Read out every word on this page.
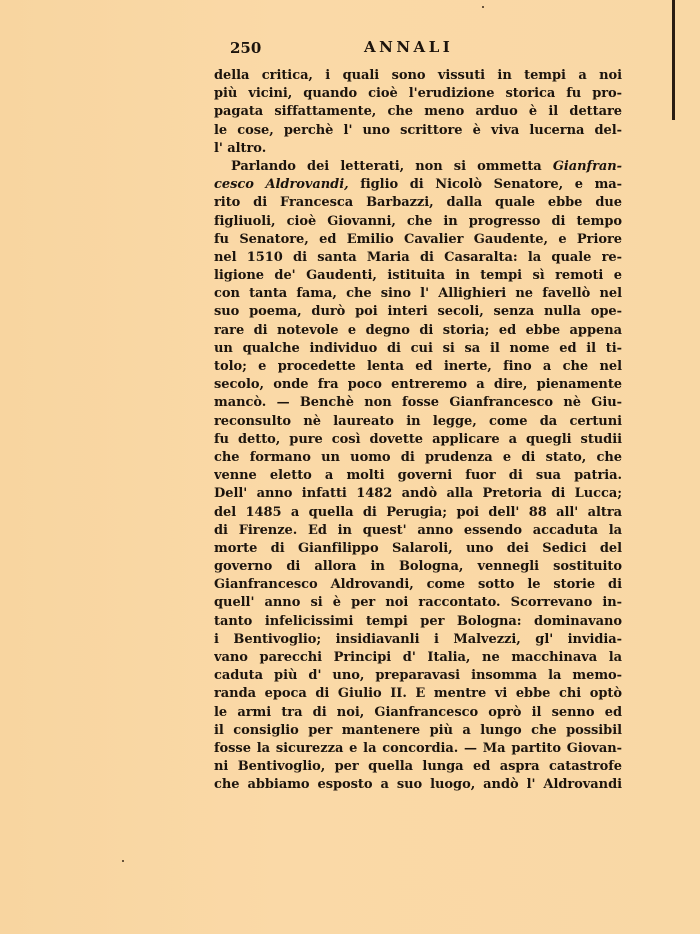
250	ANNALI
della critica, i quali sono vissuti in tempi a noi
più vicini, quando cioè l'erudizione storica fu pro-
pagata siffattamente, che meno arduo è il dettare
le cose, perchè l' uno scrittore è viva lucerna del-
l' altro.
Parlando dei letterati, non si ommetta Gianfran-
cesco Aldrovandi, figlio di Nicolò Senatore, e ma-
rito di Francesca Barbazzi, dalla quale ebbe due
figliuoli, cioè Giovanni, che in progresso di tempo
fu Senatore, ed Emilio Cavalier Gaudente, e Priore
nel 1510 di santa Maria di Casaralta: la quale re-
ligione de' Gaudenti, istituita in tempi sì remoti e
con tanta fama, che sino l' Allighieri ne favellò nel
suo poema, durò poi interi secoli, senza nulla ope-
rare di notevole e degno di storia; ed ebbe appena
un qualche individuo di cui si sa il nome ed il ti-
tolo; e procedette lenta ed inerte, fino a che nel
secolo, onde fra poco entreremo a dire, pienamente
mancò. — Benchè non fosse Gianfrancesco nè Giu-
reconsulto nè laureato in legge, come da certuni
fu detto, pure così dovette applicare a quegli studii
che formano un uomo di prudenza e di stato, che
venne eletto a molti governi fuor di sua patria.
Dell' anno infatti 1482 andò alla Pretoria di Lucca;
del 1485 a quella di Perugia; poi dell' 88 all' altra
di Firenze. Ed in quest' anno essendo accaduta la
morte di Gianfilippo Salaroli, uno dei Sedici del
governo di allora in Bologna, vennegli sostituito
Gianfrancesco Aldrovandi, come sotto le storie di
quell' anno si è per noi raccontato. Scorrevano in-
tanto infelicissimi tempi per Bologna: dominavano
i Bentivoglio; insidiavanli i Malvezzi, gl' invidia-
vano parecchi Principi d' Italia, ne macchinava la
caduta più d' uno, preparavasi insomma la memo-
randa epoca di Giulio II. E mentre vi ebbe chi optò
le armi tra di noi, Gianfrancesco oprò il senno ed
il consiglio per mantenere più a lungo che possibil
fosse la sicurezza e la concordia. — Ma partito Giovan-
ni Bentivoglio, per quella lunga ed aspra catastrofe
che abbiamo esposto a suo luogo, andò l' Aldrovandi
